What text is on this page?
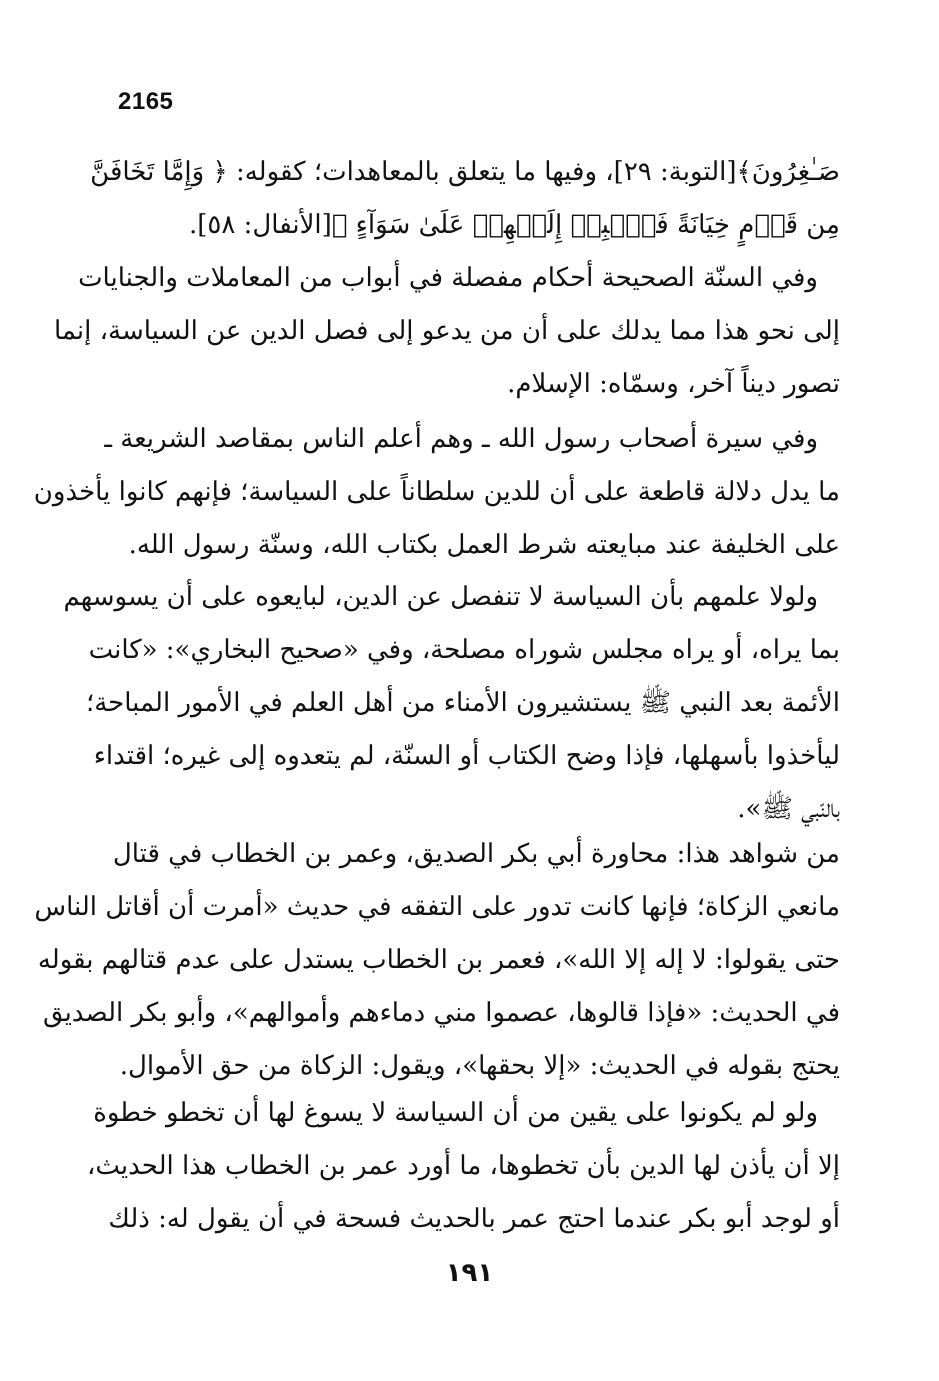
2165
صَـٰغِرُونَ﴾[التوبة: ٢٩]، وفيها ما يتعلق بالمعاهدات؛ كقوله: ﴿ وَإِمَّا تَخَافَنَّ
مِن قَوۡمٍ خِيَانَةً فَٱنۢبِذۡ إِلَيۡهِمۡ عَلَىٰ سَوَآءٍ ﴾[الأنفال: ٥٨].
وفي السنّة الصحيحة أحكام مفصلة في أبواب من المعاملات والجنايات
إلى نحو هذا مما يدلك على أن من يدعو إلى فصل الدين عن السياسة، إنما
تصور ديناً آخر، وسمّاه: الإسلام.
وفي سيرة أصحاب رسول الله ـ وهم أعلم الناس بمقاصد الشريعة ـ
ما يدل دلالة قاطعة على أن للدين سلطاناً على السياسة؛ فإنهم كانوا يأخذون
على الخليفة عند مبايعته شرط العمل بكتاب الله، وسنّة رسول الله.
ولولا علمهم بأن السياسة لا تنفصل عن الدين، لبايعوه على أن يسوسهم
بما يراه، أو يراه مجلس شوراه مصلحة، وفي «صحيح البخاري»: «كانت
الأئمة بعد النبي ﷺ يستشيرون الأمناء من أهل العلم في الأمور المباحة؛
ليأخذوا بأسهلها، فإذا وضح الكتاب أو السنّة، لم يتعدوه إلى غيره؛ اقتداء
بالنّبي ﷺ».
من شواهد هذا: محاورة أبي بكر الصديق، وعمر بن الخطاب في قتال
مانعي الزكاة؛ فإنها كانت تدور على التفقه في حديث «أمرت أن أقاتل الناس
حتى يقولوا: لا إله إلا الله»، فعمر بن الخطاب يستدل على عدم قتالهم بقوله
في الحديث: «فإذا قالوها، عصموا مني دماءهم وأموالهم»، وأبو بكر الصديق
يحتج بقوله في الحديث: «إلا بحقها»، ويقول: الزكاة من حق الأموال.
ولو لم يكونوا على يقين من أن السياسة لا يسوغ لها أن تخطو خطوة
إلا أن يأذن لها الدين بأن تخطوها، ما أورد عمر بن الخطاب هذا الحديث،
أو لوجد أبو بكر عندما احتج عمر بالحديث فسحة في أن يقول له: ذلك
١٩١
